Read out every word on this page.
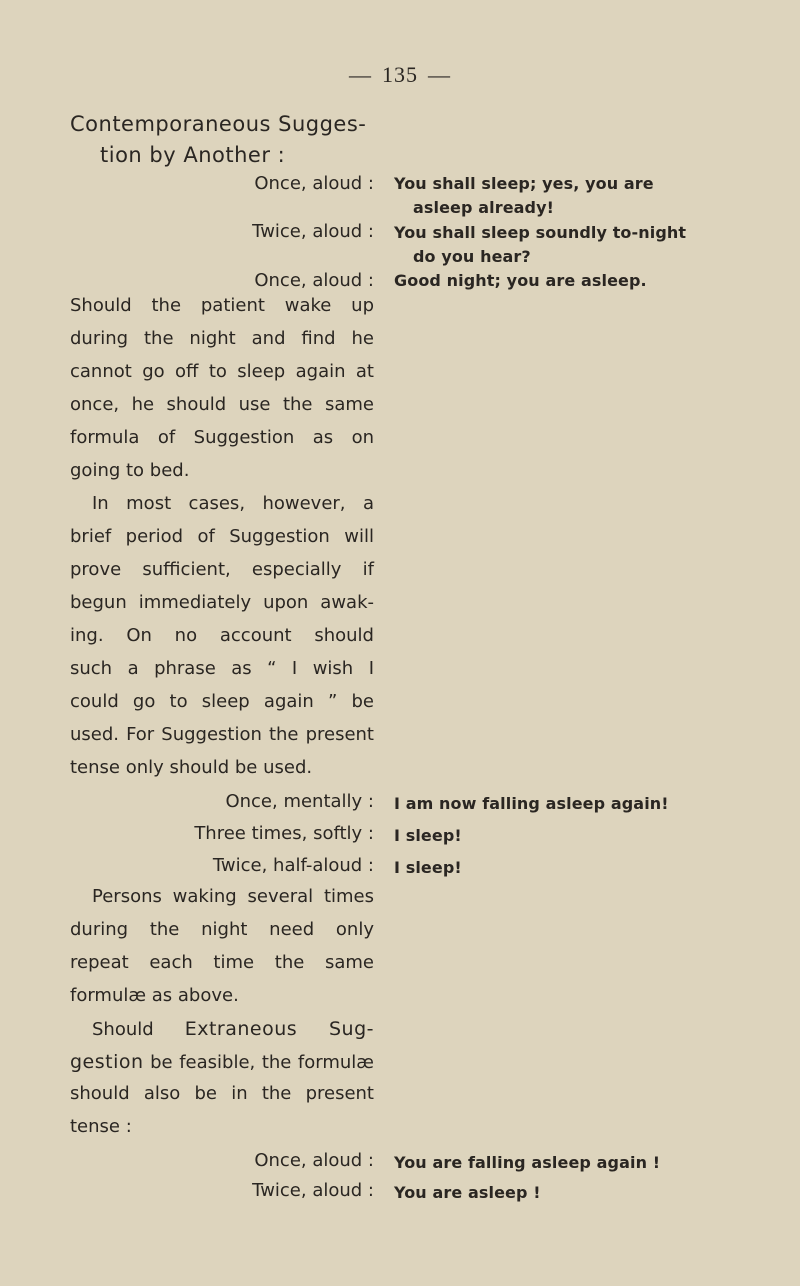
— 135 —
Contemporaneous Sugges-
tion by Another :
Once, aloud : You shall sleep; yes, you are
asleep already!
Twice, aloud : You shall sleep soundly to-night
do you hear?
Once, aloud : Good night; you are asleep.
Should the patient wake up
during the night and find he
cannot go off to sleep again at
once, he should use the same
formula of Suggestion as on
going to bed.
In most cases, however, a
brief period of Suggestion will
prove sufficient, especially if
begun immediately upon awak-
ing. On no account should
such a phrase as “ I wish I
could go to sleep again ” be
used. For Suggestion the present
tense only should be used.
Once, mentally : I am now falling asleep again!
Three times, softly : I sleep!
Twice, half-aloud : I sleep!
Persons waking several times
during the night need only
repeat each time the same
formulæ as above.
Should Extraneous Sug-
gestion be feasible, the formulæ
should also be in the present
tense :
Once, aloud : You are falling asleep again !
Twice, aloud : You are asleep !
